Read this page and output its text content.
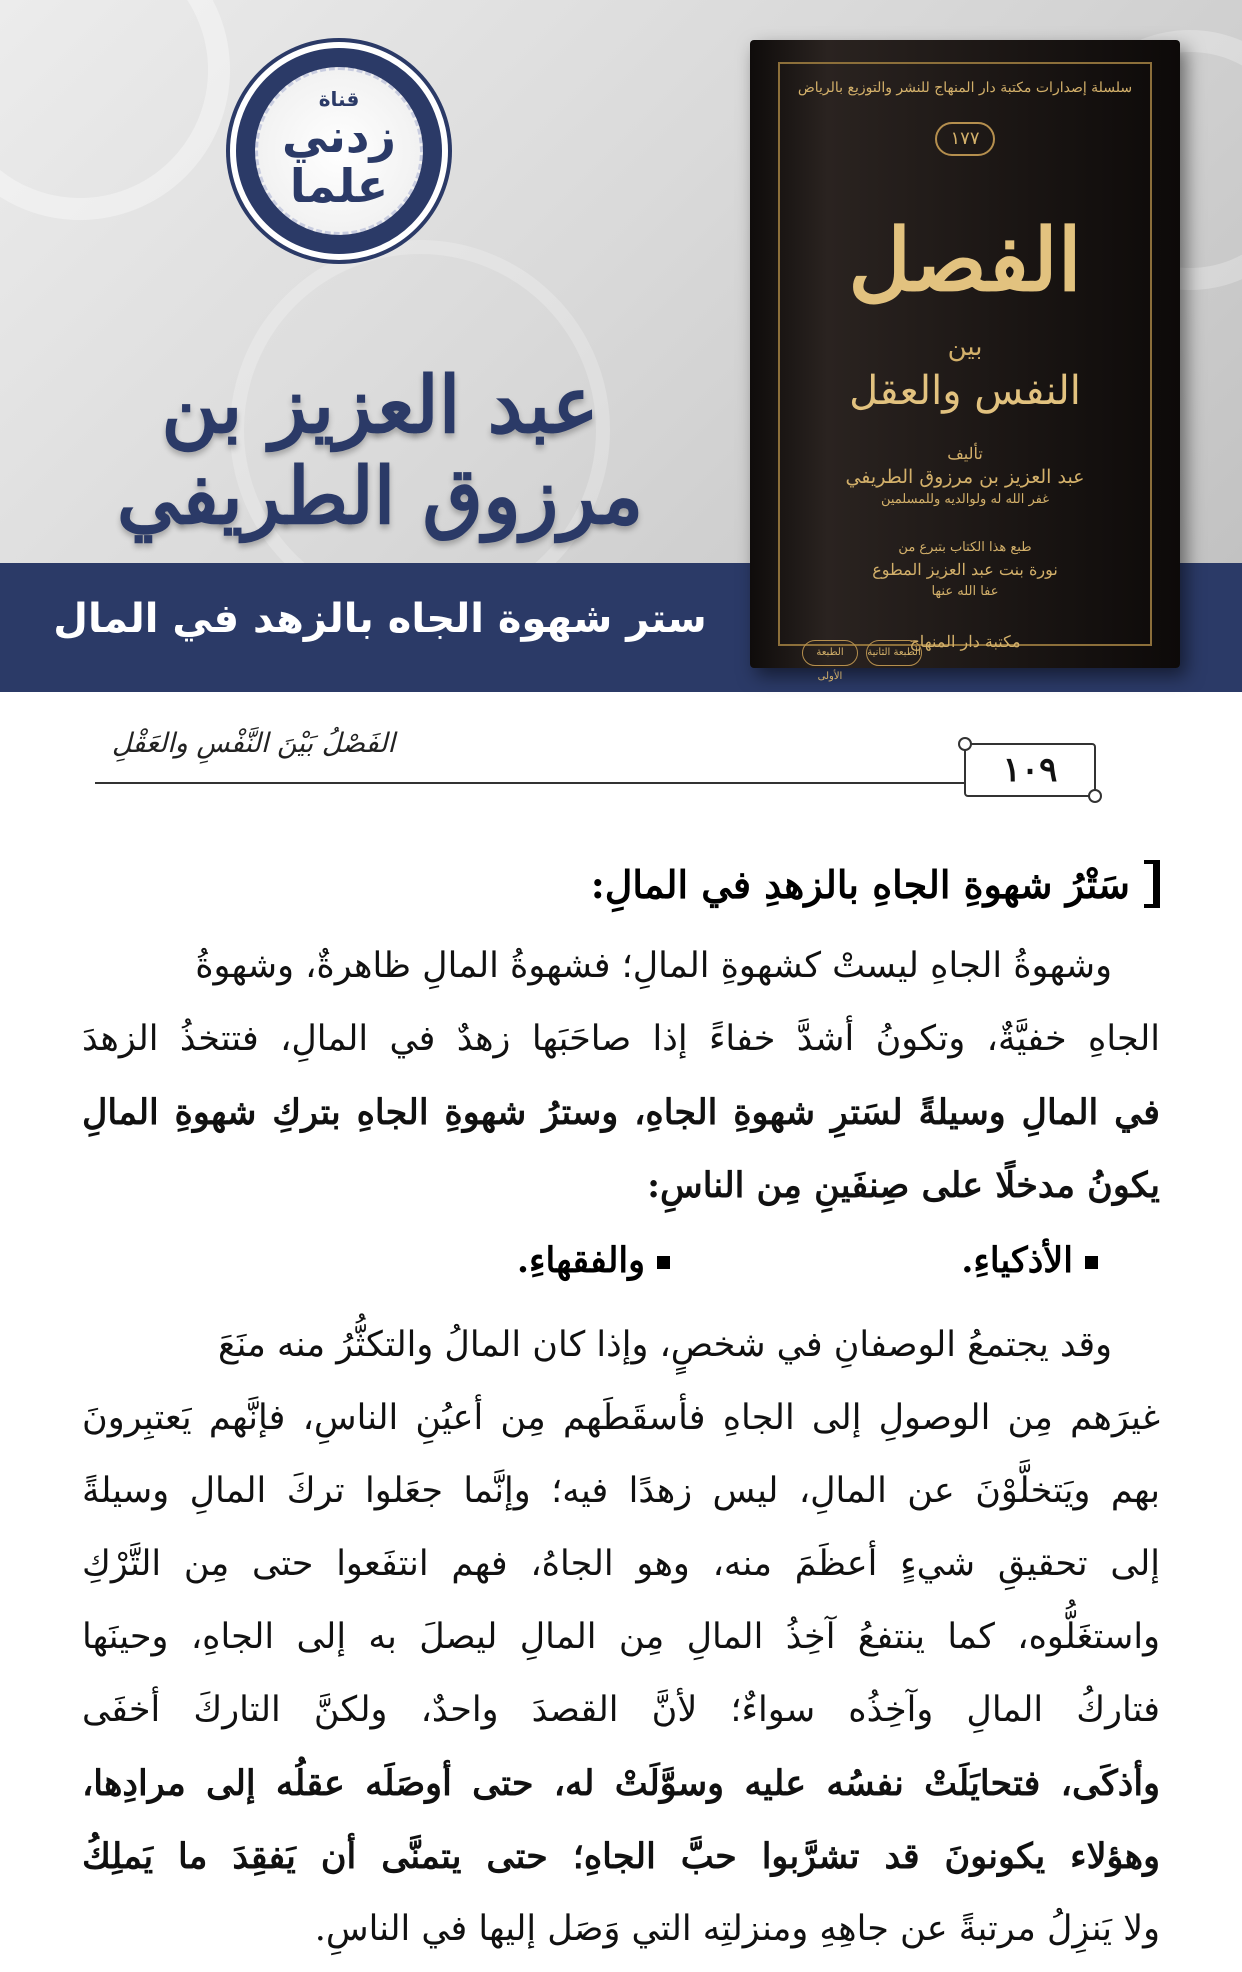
قناة
زدني
علما
عبد العزيز بن مرزوق الطريفي
ستر شهوة الجاه بالزهد في المال
سلسلة إصدارات مكتبة دار المنهاج للنشر والتوزيع بالرياض
١٧٧
الفصل
بين
النفس والعقل
تأليف
عبد العزيز بن مرزوق الطريفي
غفر الله له ولوالديه وللمسلمين
طبع هذا الكتاب بتبرع من
نورة بنت عبد العزيز المطوع
عفا الله عنها
مكتبة دار المنهاج
الطبعة الأولى
الطبعة الثانية
الفَصْلُ بَيْنَ النَّفْسِ والعَقْلِ
١٠٩
سَتْرُ شهوةِ الجاهِ بالزهدِ في المالِ:
وشهوةُ الجاهِ ليستْ كشهوةِ المالِ؛ فشهوةُ المالِ ظاهرةٌ، وشهوةُ
الجاهِ خفيَّةٌ، وتكونُ أشدَّ خفاءً إذا صاحَبَها زهدٌ في المالِ، فتتخذُ الزهدَ
في المالِ وسيلةً لسَترِ شهوةِ الجاهِ، وسترُ شهوةِ الجاهِ بتركِ شهوةِ المالِ
يكونُ مدخلًا على صِنفَينِ مِن الناسِ:
الأذكياءِ.
والفقهاءِ.
وقد يجتمعُ الوصفانِ في شخصٍ، وإذا كان المالُ والتكثُّرُ منه منَعَ
غيرَهم مِن الوصولِ إلى الجاهِ فأسقَطَهم مِن أعيُنِ الناسِ، فإنَّهم يَعتبِرونَ
بهم ويَتخلَّوْنَ عن المالِ، ليس زهدًا فيه؛ وإنَّما جعَلوا تركَ المالِ وسيلةً
إلى تحقيقِ شيءٍ أعظَمَ منه، وهو الجاهُ، فهم انتفَعوا حتى مِن التَّرْكِ
واستغَلُّوه، كما ينتفعُ آخِذُ المالِ مِن المالِ ليصلَ به إلى الجاهِ، وحينَها
فتاركُ المالِ وآخِذُه سواءٌ؛ لأنَّ القصدَ واحدٌ، ولكنَّ التاركَ أخفَى
وأذكَى، فتحايَلَتْ نفسُه عليه وسوَّلَتْ له، حتى أوصَلَه عقلُه إلى مرادِها،
وهؤلاء يكونونَ قد تشرَّبوا حبَّ الجاهِ؛ حتى يتمنَّى أن يَفقِدَ ما يَملِكُ
ولا يَنزِلُ مرتبةً عن جاهِهِ ومنزلتِه التي وَصَل إليها في الناسِ.
